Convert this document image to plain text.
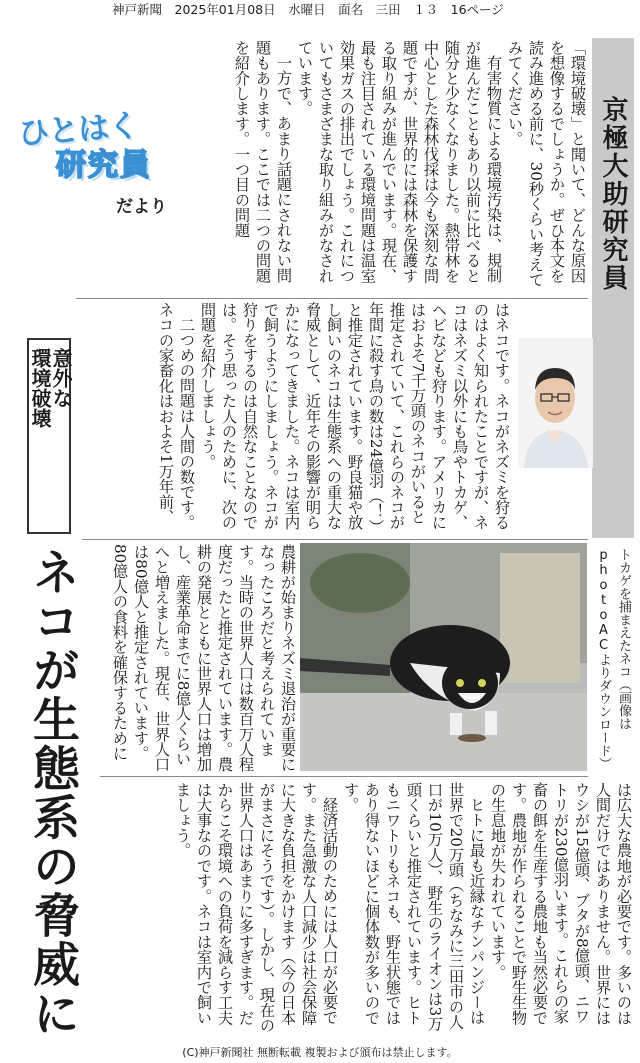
神戸新聞　2025年01月08日　水曜日　面名　三田　１３　16ページ
京極大助研究員
ひとはく
研究員
だより	「環境破壊」と聞いて、どんな原因を想像するでしょうか。ぜひ本文を読み進める前に、30秒くらい考えてみてください。

有害物質による環境汚染は、規制が進んだこともあり以前に比べると随分と少なくなりました。熱帯林を中心とした森林伐採は今も深刻な問題ですが、世界的には森林を保護する取り組みが進んでいます。現在、最も注目されている環境問題は温室効果ガスの排出でしょう。これについてもさまざまな取り組みがなされています。

一方で、あまり話題にされない問題もあります。ここでは二つの問題を紹介します。一つ目の問題

はネコです。ネコがネズミを狩るのはよく知られたことですが、ネコはネズミ以外にも鳥やトカゲ、ヘビなども狩ります。アメリカにはおよそ7千万頭のネコがいると推定されていて、これらのネコが年間に殺す鳥の数は24億羽（！）と推定されています。野良猫や放し飼いのネコは生態系への重大な脅威として、近年その影響が明らかになってきました。ネコは室内で飼うようにしましょう。ネコが狩りをするのは自然なことなのでは。そう思った人のために、次の問題を紹介しましょう。

二つめの問題は人間の数です。ネコの家畜化はおよそ1万年前、

意外な
環境破壊
トカゲを捕まえたネコ（画像はphotoACよりダウンロード）
ネコが生態系の脅威に	農耕が始まりネズミ退治が重要になったころだと考えられています。当時の世界人口は数百万人程度だったと推定されています。農耕の発展とともに世界人口は増加し、産業革命までに8億人くらいへと増えました。現在、世界人口は80億人と推定されています。80億人の食料を確保するために

は広大な農地が必要です。多いのは人間だけではありません。世界にはウシが15億頭、ブタが8億頭、ニワトリが230億羽います。これらの家畜の餌を生産する農地も当然必要です。農地が作られることで野生生物の生息地が失われています。

ヒトに最も近縁なチンパンジーは世界で20万頭（ちなみに三田市の人口が10万人）、野生のライオンは3万頭くらいと推定されています。ヒトもニワトリもネコも、野生状態ではあり得ないほどに個体数が多いのです。

経済活動のためには人口が必要です。また急激な人口減少は社会保障に大きな負担をかけます（今の日本がまさにそうです）。しかし、現在の世界人口はあまりに多すぎます。だからこそ環境への負荷を減らす工夫は大事なのです。ネコは室内で飼いましょう。

(C)神戸新聞社 無断転載 複製および頒布は禁止します。
